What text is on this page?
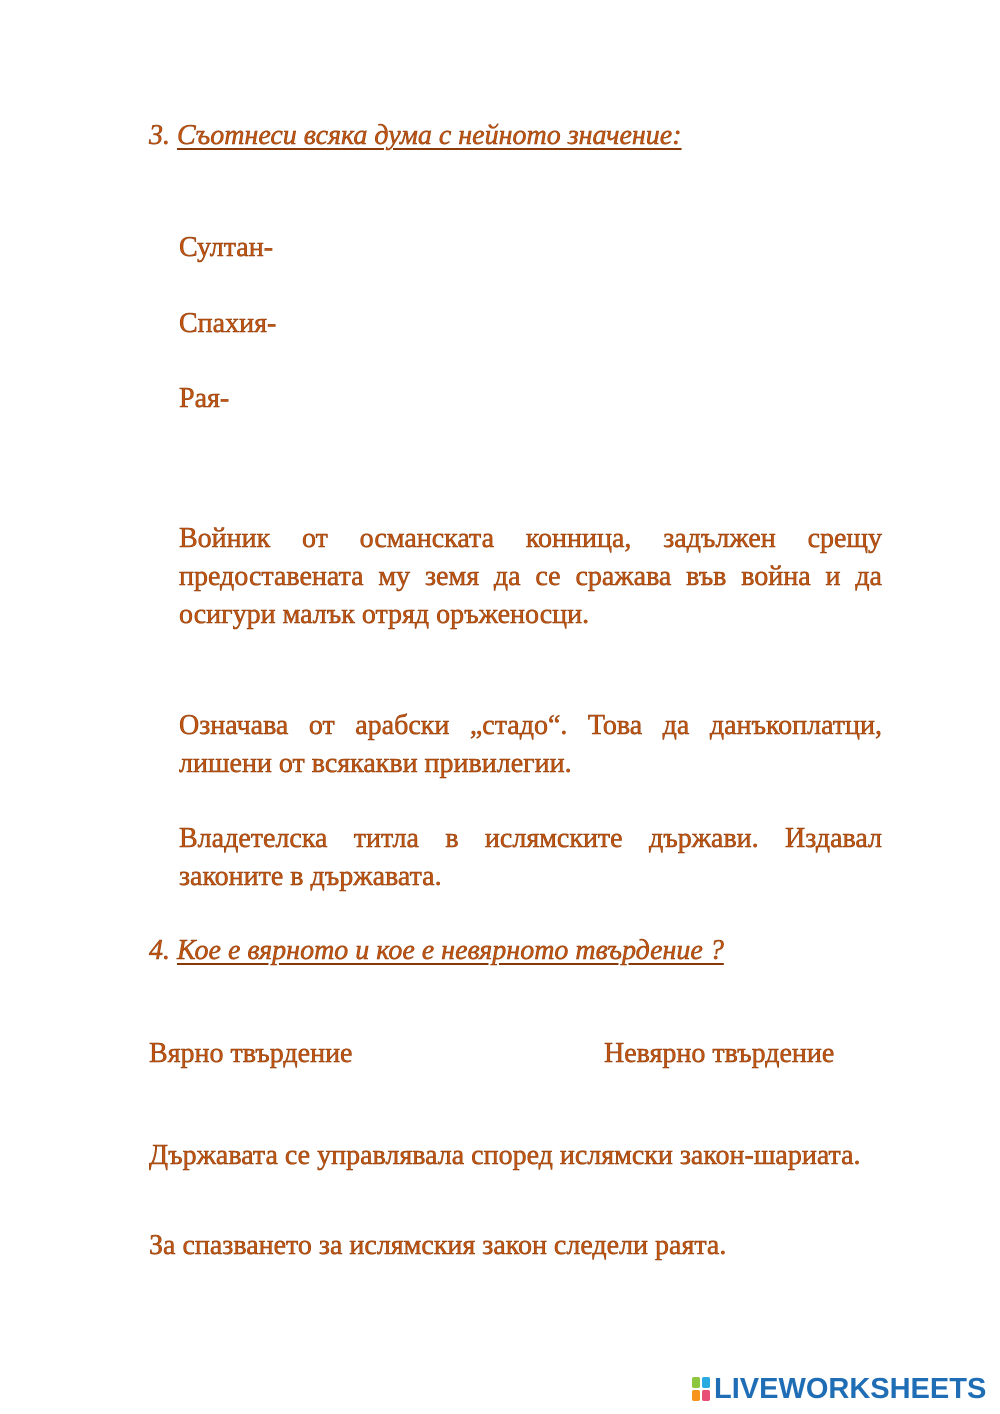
3. Съотнеси всяка дума с нейното значение:
Султан-
Спахия-
Рая-
Войник от османската конница, задължен срещу предоставената му земя да се сражава във война и да осигури малък отряд оръженосци.
Означава от арабски „стадо“. Това да данъкоплатци, лишени от всякакви привилегии.
Владетелска титла в ислямските държави. Издавал законите в държавата.
4. Кое е вярното и кое е невярното твърдение ?
Вярно твърдение	Невярно твърдение
Държавата се управлявала според ислямски закон-шариата.
За спазването за ислямския закон следели раята.
LIVEWORKSHEETS
